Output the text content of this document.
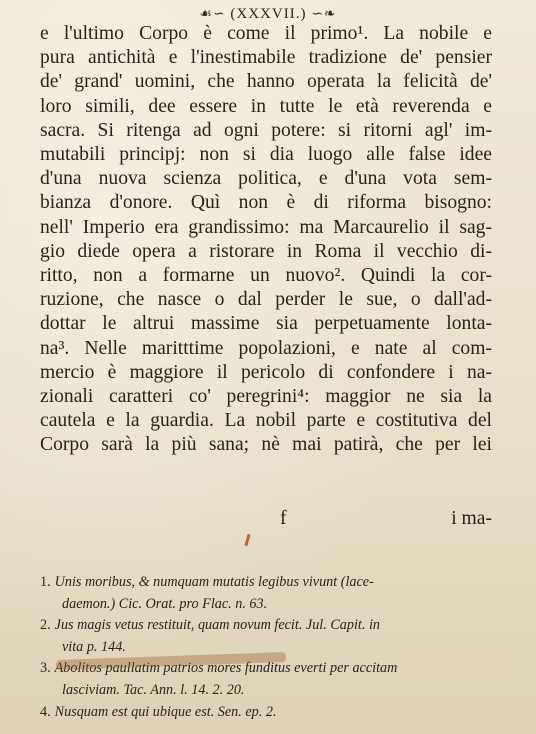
☙∽ (XXXVII.) ∽❧
e l'ultimo Corpo è come il primo¹. La nobile e
pura antichità e l'inestimabile tradizione de' pensier
de' grand' uomini, che hanno operata la felicità de'
loro simili, dee essere in tutte le età reverenda e
sacra. Si ritenga ad ogni potere: si ritorni agl' im-
mutabili principj: non si dia luogo alle false idee
d'una nuova scienza politica, e d'una vota sem-
bianza d'onore. Quì non è di riforma bisogno:
nell' Imperio era grandissimo: ma Marcaurelio il sag-
gio diede opera a ristorare in Roma il vecchio di-
ritto, non a formarne un nuovo². Quindi la cor-
ruzione, che nasce o dal perder le sue, o dall'ad-
dottar le altrui massime sia perpetuamente lonta-
na³. Nelle maritttime popolazioni, e nate al com-
mercio è maggiore il pericolo di confondere i na-
zionali caratteri co' peregrini⁴: maggior ne sia la
cautela e la guardia. La nobil parte e costitutiva del
Corpo sarà la più sana; nè mai patirà, che per lei
f	i ma-
1. Unis moribus, & numquam mutatis legibus vivunt (lace-
daemon.) Cic. Orat. pro Flac. n. 63.
2. Jus magis vetus restituit, quam novum fecit. Jul. Capit. in
vita p. 144.
3. Abolitos paullatim patrios mores funditus everti per accitam
lasciviam. Tac. Ann. l. 14. 2. 20.
4. Nusquam est qui ubique est. Sen. ep. 2.
